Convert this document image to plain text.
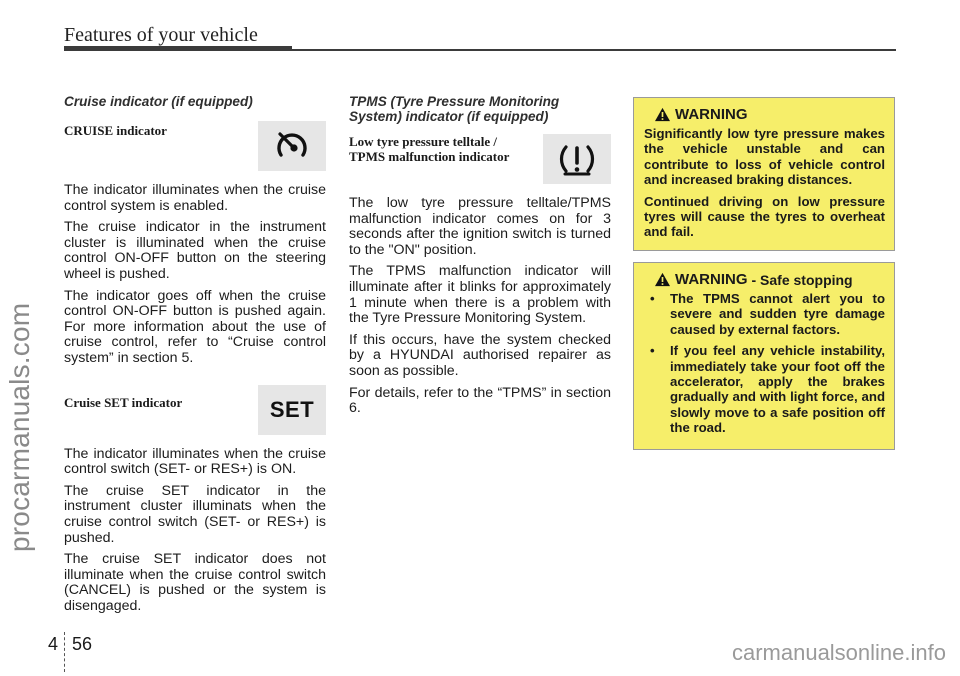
Features of your vehicle
procarmanuals.com
Cruise indicator (if equipped)
CRUISE indicator

The indicator illuminates when the cruise control system is enabled.

The cruise indicator in the instrument cluster is illuminated when the cruise control ON-OFF button on the steering wheel is pushed.

The indicator goes off when the cruise control ON-OFF button is pushed again. For more information about the use of cruise control, refer to “Cruise control system” in section 5.

Cruise SET indicator	SET

The indicator illuminates when the cruise control switch (SET- or RES+) is ON.

The cruise SET indicator in the instrument cluster illuminats when the cruise control switch (SET- or RES+) is pushed.

The cruise SET indicator does not illuminate when the cruise control switch (CANCEL) is pushed or the system is disengaged.

TPMS (Tyre Pressure Monitoring System) indicator (if equipped)
Low tyre pressure telltale / TPMS malfunction indicator

The low tyre pressure telltale/TPMS malfunction indicator comes on for 3 seconds after the ignition switch is turned to the "ON" position.

The TPMS malfunction indicator will illuminate after it blinks for approximately 1 minute when there is a problem with the Tyre Pressure Monitoring System.

If this occurs, have the system checked by a HYUNDAI authorised repairer as soon as possible.

For details, refer to the “TPMS” in section 6.

WARNING

Significantly low tyre pressure makes the vehicle unstable and can contribute to loss of vehicle control and increased braking distances.

Continued driving on low pressure tyres will cause the tyres to overheat and fail.

WARNING - Safe stopping
• The TPMS cannot alert you to severe and sudden tyre damage caused by external factors.
• If you feel any vehicle instability, immediately take your foot off the accelerator, apply the brakes gradually and with light force, and slowly move to a safe position off the road.
4 56	carmanualsonline.info
